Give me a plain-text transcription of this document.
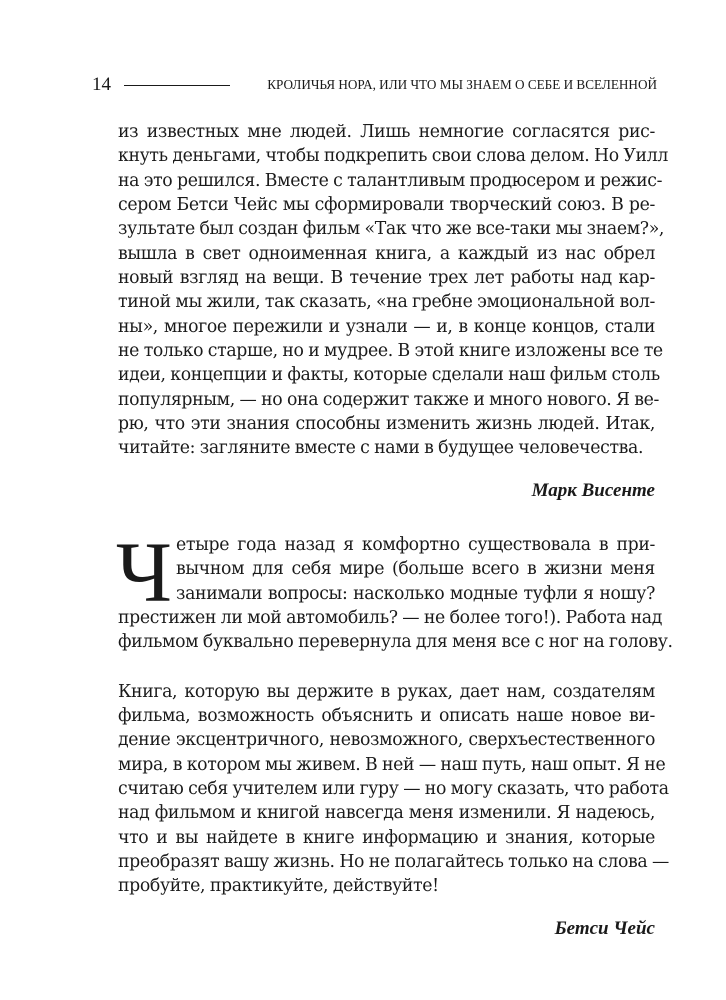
14	КРОЛИЧЬЯ НОРА, ИЛИ ЧТО МЫ ЗНАЕМ О СЕБЕ И ВСЕЛЕННОЙ

из известных мне людей. Лишь немногие согласятся рис-
кнуть деньгами, чтобы подкрепить свои слова делом. Но Уилл
на это решился. Вместе с талантливым продюсером и режис-
сером Бетси Чейс мы сформировали творческий союз. В ре-
зультате был создан фильм «Так что же все-таки мы знаем?»,
вышла в свет одноименная книга, а каждый из нас обрел
новый взгляд на вещи. В течение трех лет работы над кар-
тиной мы жили, так сказать, «на гребне эмоциональной вол-
ны», многое пережили и узнали — и, в конце концов, стали
не только старше, но и мудрее. В этой книге изложены все те
идеи, концепции и факты, которые сделали наш фильм столь
популярным, — но она содержит также и много нового. Я ве-
рю, что эти знания способны изменить жизнь людей. Итак,
читайте: загляните вместе с нами в будущее человечества.

Марк Висенте

Ч етыре года назад я комфортно существовала в при-
вычном для себя мире (больше всего в жизни меня
занимали вопросы: насколько модные туфли я ношу?
престижен ли мой автомобиль? — не более того!). Работа над
фильмом буквально перевернула для меня все с ног на голову.

Книга, которую вы держите в руках, дает нам, создателям
фильма, возможность объяснить и описать наше новое ви-
дение эксцентричного, невозможного, сверхъестественного
мира, в котором мы живем. В ней — наш путь, наш опыт. Я не
считаю себя учителем или гуру — но могу сказать, что работа
над фильмом и книгой навсегда меня изменили. Я надеюсь,
что и вы найдете в книге информацию и знания, которые
преобразят вашу жизнь. Но не полагайтесь только на слова —
пробуйте, практикуйте, действуйте!

Бетси Чейс
